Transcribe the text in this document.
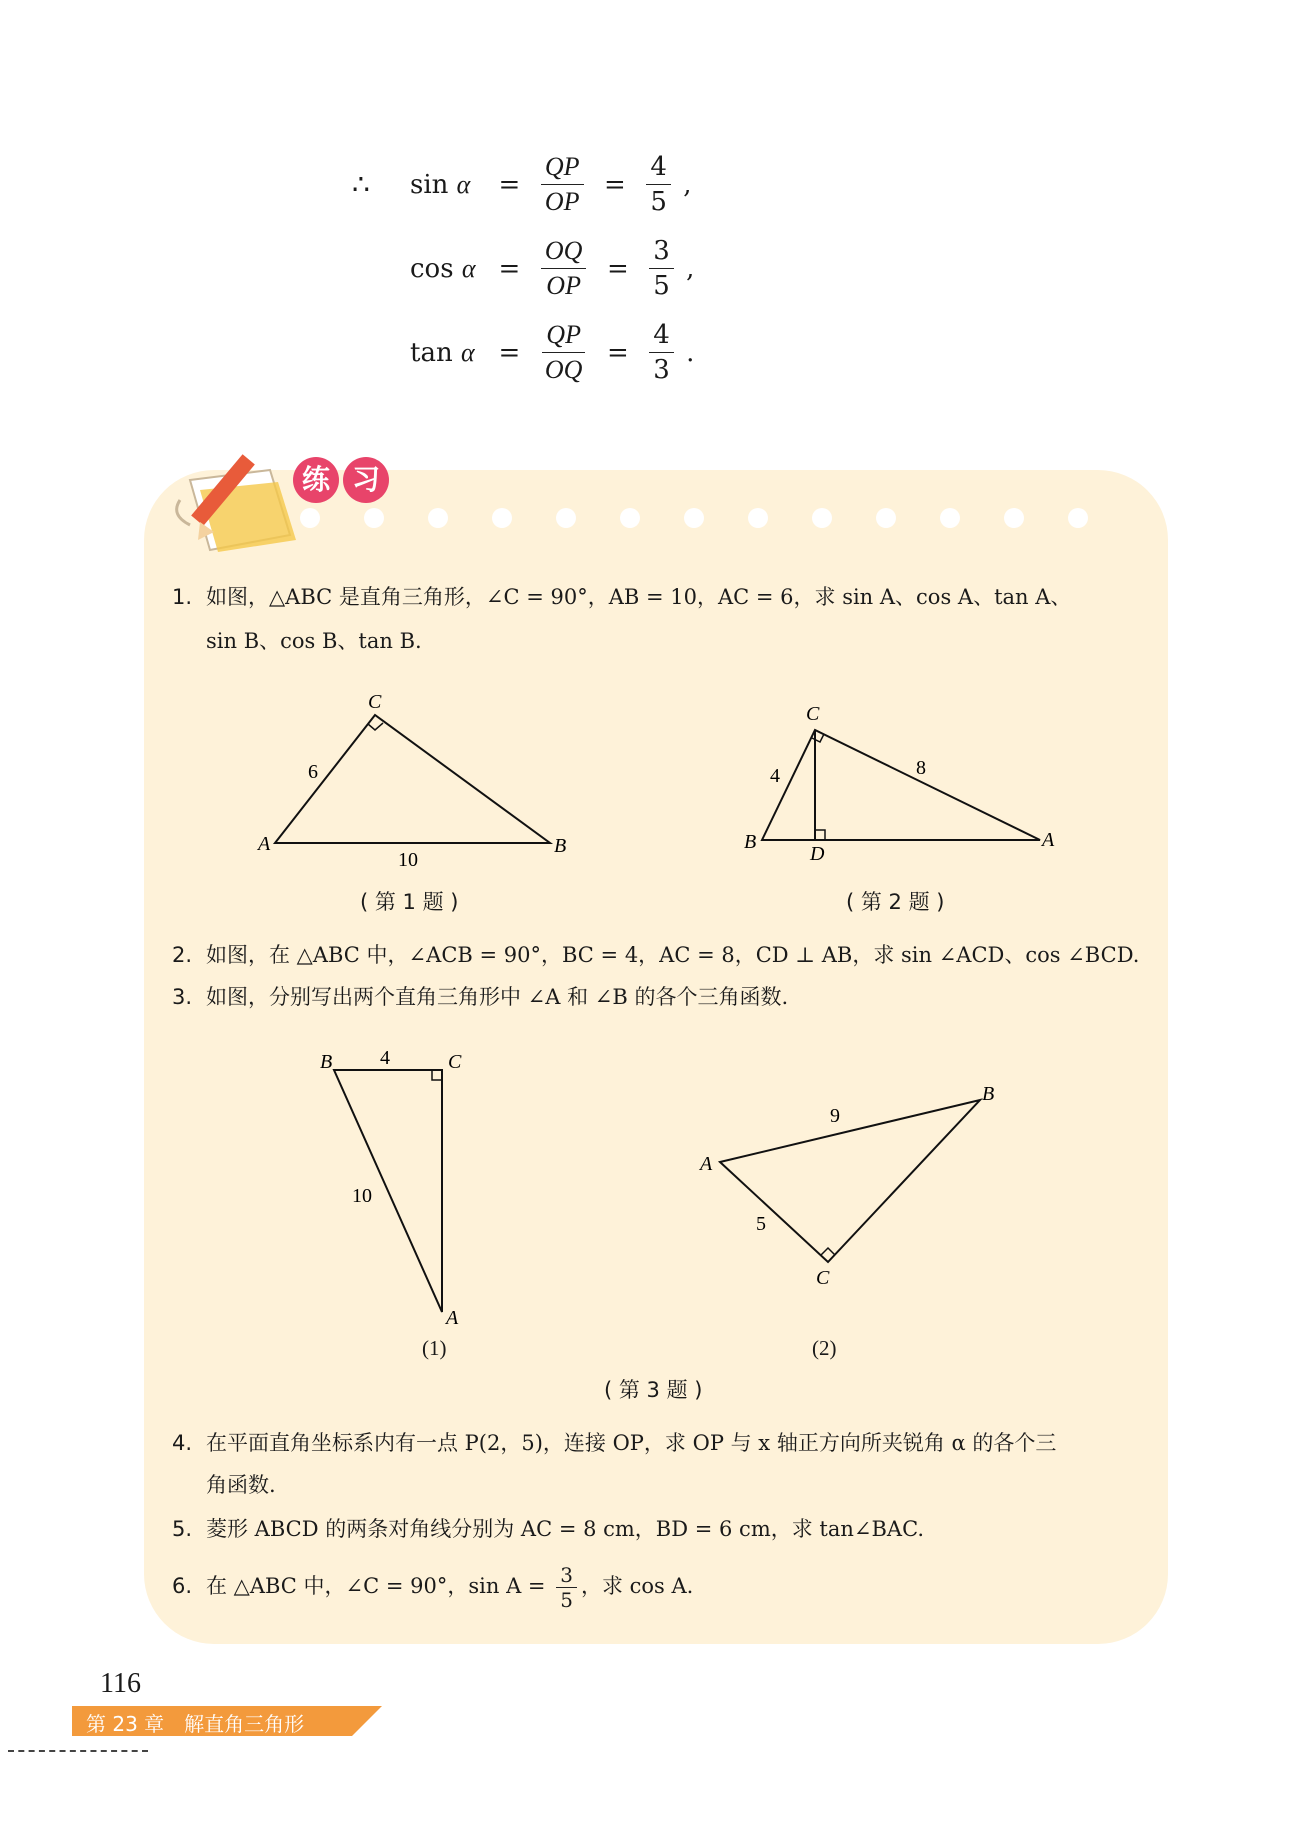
∴ $\sin \alpha = \frac{QP}{OP} = \frac{4}{5}$ ,
$\cos \alpha = \frac{OQ}{OP} = \frac{3}{5}$ ,
$\tan \alpha = \frac{QP}{OQ} = \frac{4}{3}$ .
练 习
1. 如图，△ABC 是直角三角形，∠C = 90°，AB = 10，AC = 6，求 sin A、cos A、tan A、
sin B、cos B、tan B.
C
A	B
6
10
( 第 1 题 )
C
B
D
A
4	8
( 第 2 题 )
2. 如图，在 △ABC 中，∠ACB = 90°，BC = 4，AC = 8，CD ⊥ AB，求 sin ∠ACD、cos ∠BCD.
3. 如图，分别写出两个直角三角形中 ∠A 和 ∠B 的各个三角函数.
B	C
A
4
10
(1)
A
B
C
9
5
(2)
( 第 3 题 )
4. 在平面直角坐标系内有一点 P(2，5)，连接 OP，求 OP 与 x 轴正方向所夹锐角 α 的各个三
角函数.
5. 菱形 ABCD 的两条对角线分别为 AC = 8 cm，BD = 6 cm，求 tan∠BAC.
6. 在 △ABC 中，∠C = 90°，$\sin A = \frac{3}{5}$ ，求 cos A.
116
第 23 章　解直角三角形
